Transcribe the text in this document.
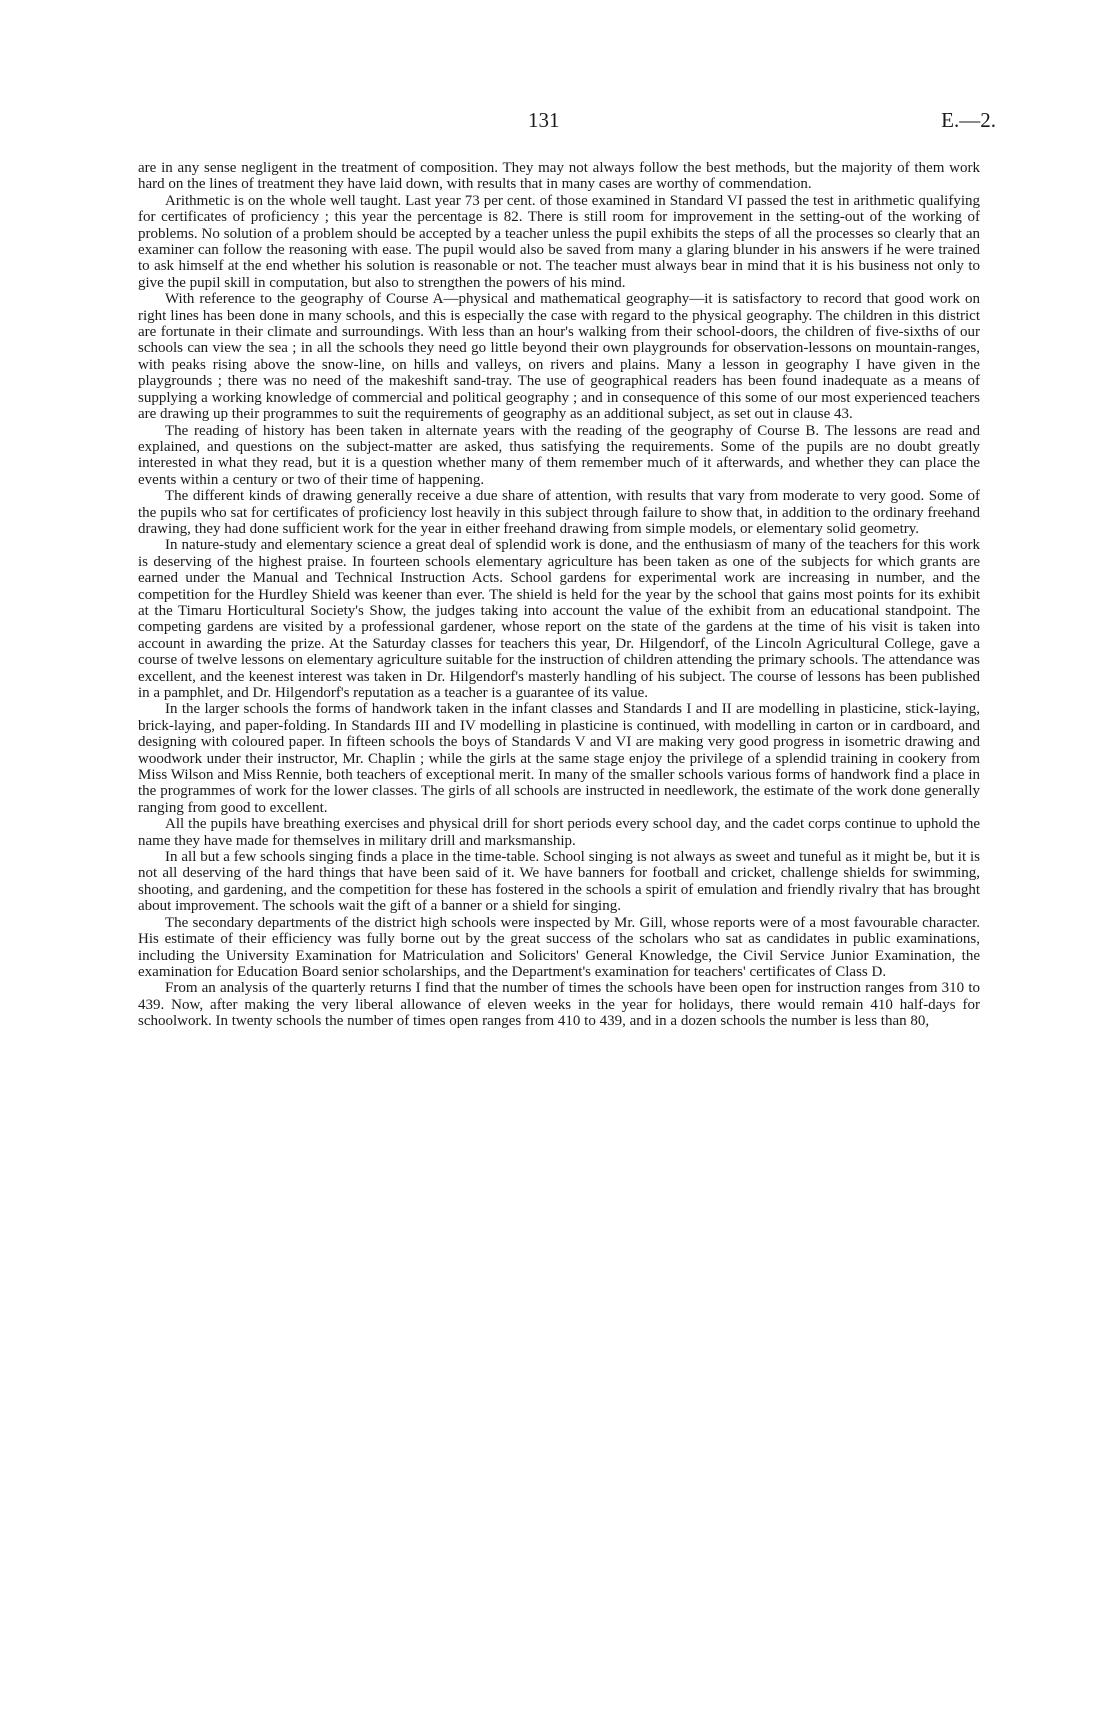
131	E.—2.

are in any sense negligent in the treatment of composition. They may not always follow the best methods, but the majority of them work hard on the lines of treatment they have laid down, with results that in many cases are worthy of commendation.

Arithmetic is on the whole well taught. Last year 73 per cent. of those examined in Standard VI passed the test in arithmetic qualifying for certificates of proficiency ; this year the percentage is 82. There is still room for improvement in the setting-out of the working of problems. No solution of a problem should be accepted by a teacher unless the pupil exhibits the steps of all the processes so clearly that an examiner can follow the reasoning with ease. The pupil would also be saved from many a glaring blunder in his answers if he were trained to ask himself at the end whether his solution is reasonable or not. The teacher must always bear in mind that it is his business not only to give the pupil skill in computation, but also to strengthen the powers of his mind.

With reference to the geography of Course A—physical and mathematical geography—it is satisfactory to record that good work on right lines has been done in many schools, and this is especially the case with regard to the physical geography. The children in this district are fortunate in their climate and surroundings. With less than an hour's walking from their school-doors, the children of five-sixths of our schools can view the sea ; in all the schools they need go little beyond their own playgrounds for observation-lessons on mountain-ranges, with peaks rising above the snow-line, on hills and valleys, on rivers and plains. Many a lesson in geography I have given in the playgrounds ; there was no need of the makeshift sand-tray. The use of geographical readers has been found inadequate as a means of supplying a working knowledge of commercial and political geography ; and in consequence of this some of our most experienced teachers are drawing up their programmes to suit the requirements of geography as an additional subject, as set out in clause 43.

The reading of history has been taken in alternate years with the reading of the geography of Course B. The lessons are read and explained, and questions on the subject-matter are asked, thus satisfying the requirements. Some of the pupils are no doubt greatly interested in what they read, but it is a question whether many of them remember much of it afterwards, and whether they can place the events within a century or two of their time of happening.

The different kinds of drawing generally receive a due share of attention, with results that vary from moderate to very good. Some of the pupils who sat for certificates of proficiency lost heavily in this subject through failure to show that, in addition to the ordinary freehand drawing, they had done sufficient work for the year in either freehand drawing from simple models, or elementary solid geometry.

In nature-study and elementary science a great deal of splendid work is done, and the enthusiasm of many of the teachers for this work is deserving of the highest praise. In fourteen schools elementary agriculture has been taken as one of the subjects for which grants are earned under the Manual and Technical Instruction Acts. School gardens for experimental work are increasing in number, and the competition for the Hurdley Shield was keener than ever. The shield is held for the year by the school that gains most points for its exhibit at the Timaru Horticultural Society's Show, the judges taking into account the value of the exhibit from an educational standpoint. The competing gardens are visited by a professional gardener, whose report on the state of the gardens at the time of his visit is taken into account in awarding the prize. At the Saturday classes for teachers this year, Dr. Hilgendorf, of the Lincoln Agricultural College, gave a course of twelve lessons on elementary agriculture suitable for the instruction of children attending the primary schools. The attendance was excellent, and the keenest interest was taken in Dr. Hilgendorf's masterly handling of his subject. The course of lessons has been published in a pamphlet, and Dr. Hilgendorf's reputation as a teacher is a guarantee of its value.

In the larger schools the forms of handwork taken in the infant classes and Standards I and II are modelling in plasticine, stick-laying, brick-laying, and paper-folding. In Standards III and IV modelling in plasticine is continued, with modelling in carton or in cardboard, and designing with coloured paper. In fifteen schools the boys of Standards V and VI are making very good progress in isometric drawing and woodwork under their instructor, Mr. Chaplin ; while the girls at the same stage enjoy the privilege of a splendid training in cookery from Miss Wilson and Miss Rennie, both teachers of exceptional merit. In many of the smaller schools various forms of handwork find a place in the programmes of work for the lower classes. The girls of all schools are instructed in needlework, the estimate of the work done generally ranging from good to excellent.

All the pupils have breathing exercises and physical drill for short periods every school day, and the cadet corps continue to uphold the name they have made for themselves in military drill and marksmanship.

In all but a few schools singing finds a place in the time-table. School singing is not always as sweet and tuneful as it might be, but it is not all deserving of the hard things that have been said of it. We have banners for football and cricket, challenge shields for swimming, shooting, and gardening, and the competition for these has fostered in the schools a spirit of emulation and friendly rivalry that has brought about improvement. The schools wait the gift of a banner or a shield for singing.

The secondary departments of the district high schools were inspected by Mr. Gill, whose reports were of a most favourable character. His estimate of their efficiency was fully borne out by the great success of the scholars who sat as candidates in public examinations, including the University Examination for Matriculation and Solicitors' General Knowledge, the Civil Service Junior Examination, the examination for Education Board senior scholarships, and the Department's examination for teachers' certificates of Class D.

From an analysis of the quarterly returns I find that the number of times the schools have been open for instruction ranges from 310 to 439. Now, after making the very liberal allowance of eleven weeks in the year for holidays, there would remain 410 half-days for schoolwork. In twenty schools the number of times open ranges from 410 to 439, and in a dozen schools the number is less than 80,
